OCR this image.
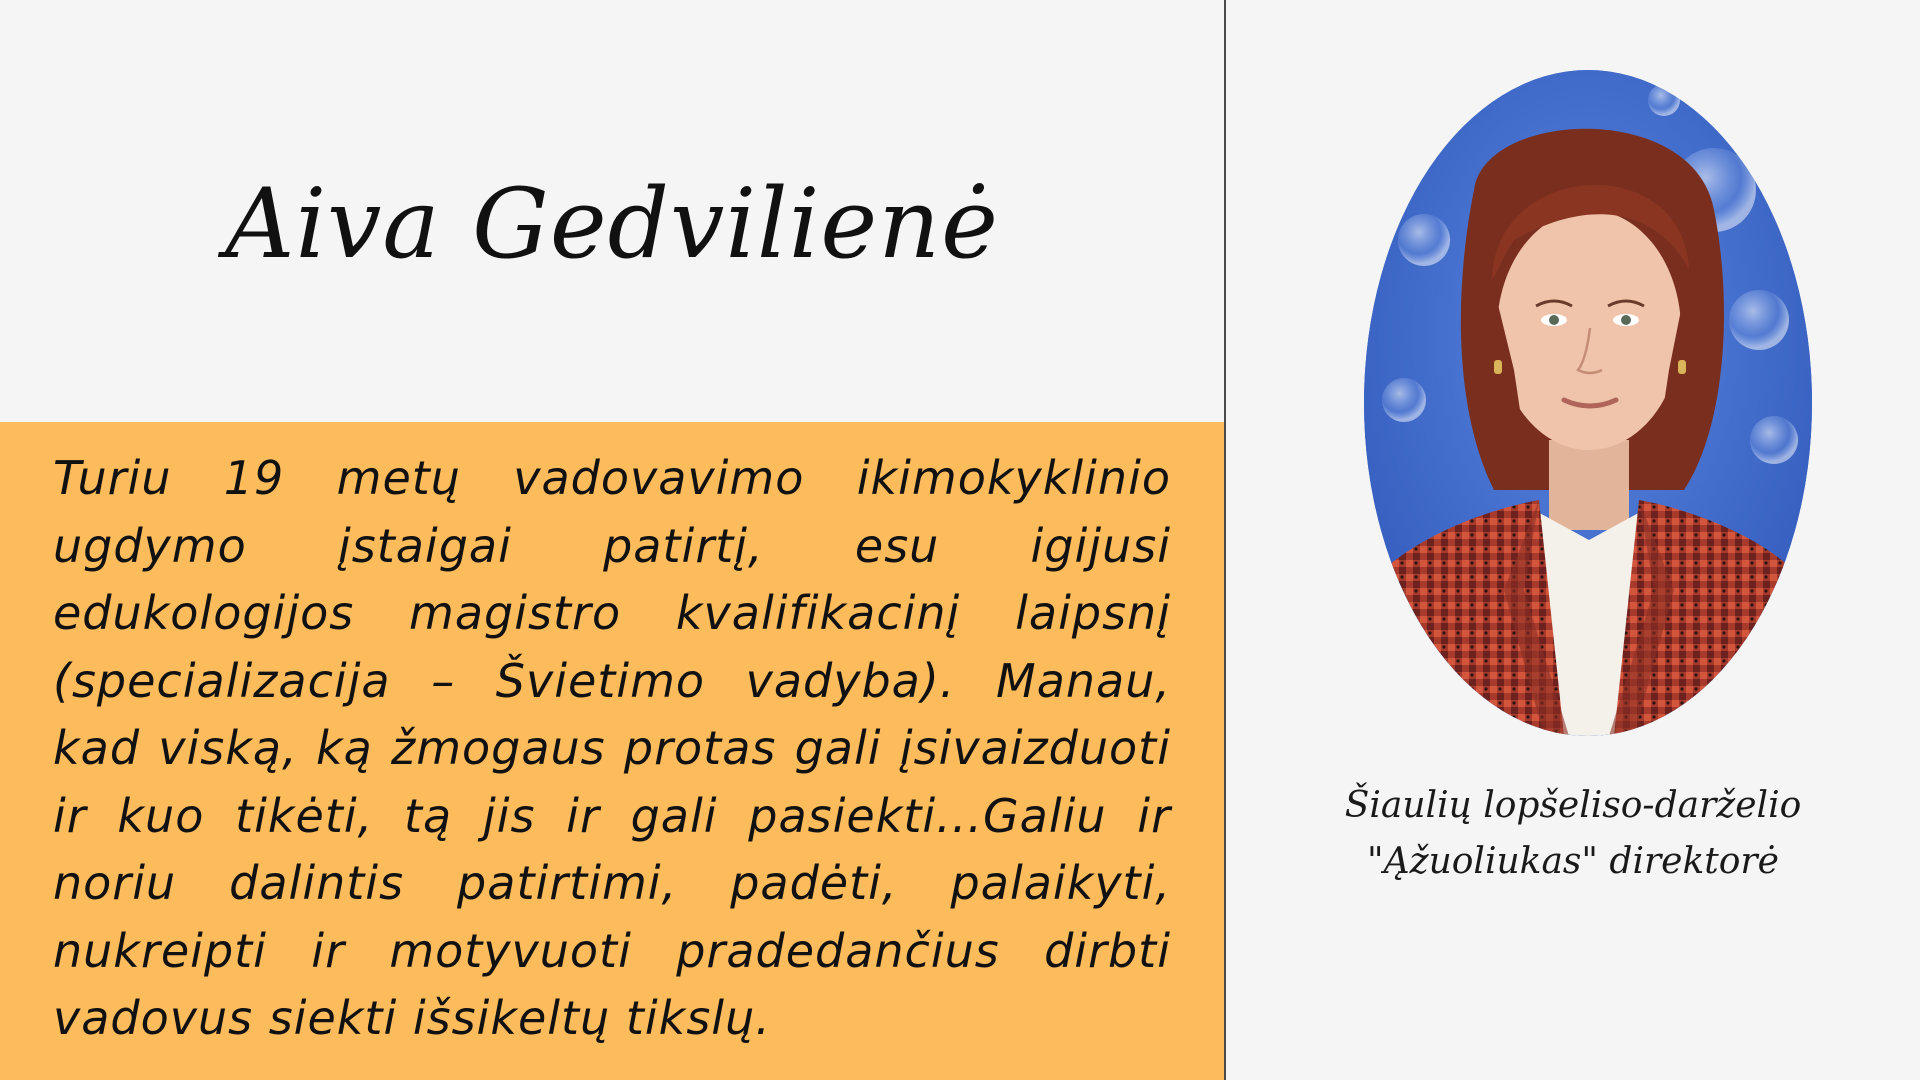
Aiva Gedvilienė
Turiu 19 metų vadovavimo ikimokyklinio ugdymo įstaigai patirtį, esu igijusi edukologijos magistro kvalifikacinį laipsnį (specializacija – Švietimo vadyba). Manau, kad viską, ką žmogaus protas gali įsivaizduoti ir kuo tikėti, tą jis ir gali pasiekti...Galiu ir noriu dalintis patirtimi, padėti, palaikyti, nukreipti ir motyvuoti pradedančius dirbti vadovus siekti išsikeltų tikslų.
Šiaulių lopšeliso-darželio
"Ąžuoliukas" direktorė
